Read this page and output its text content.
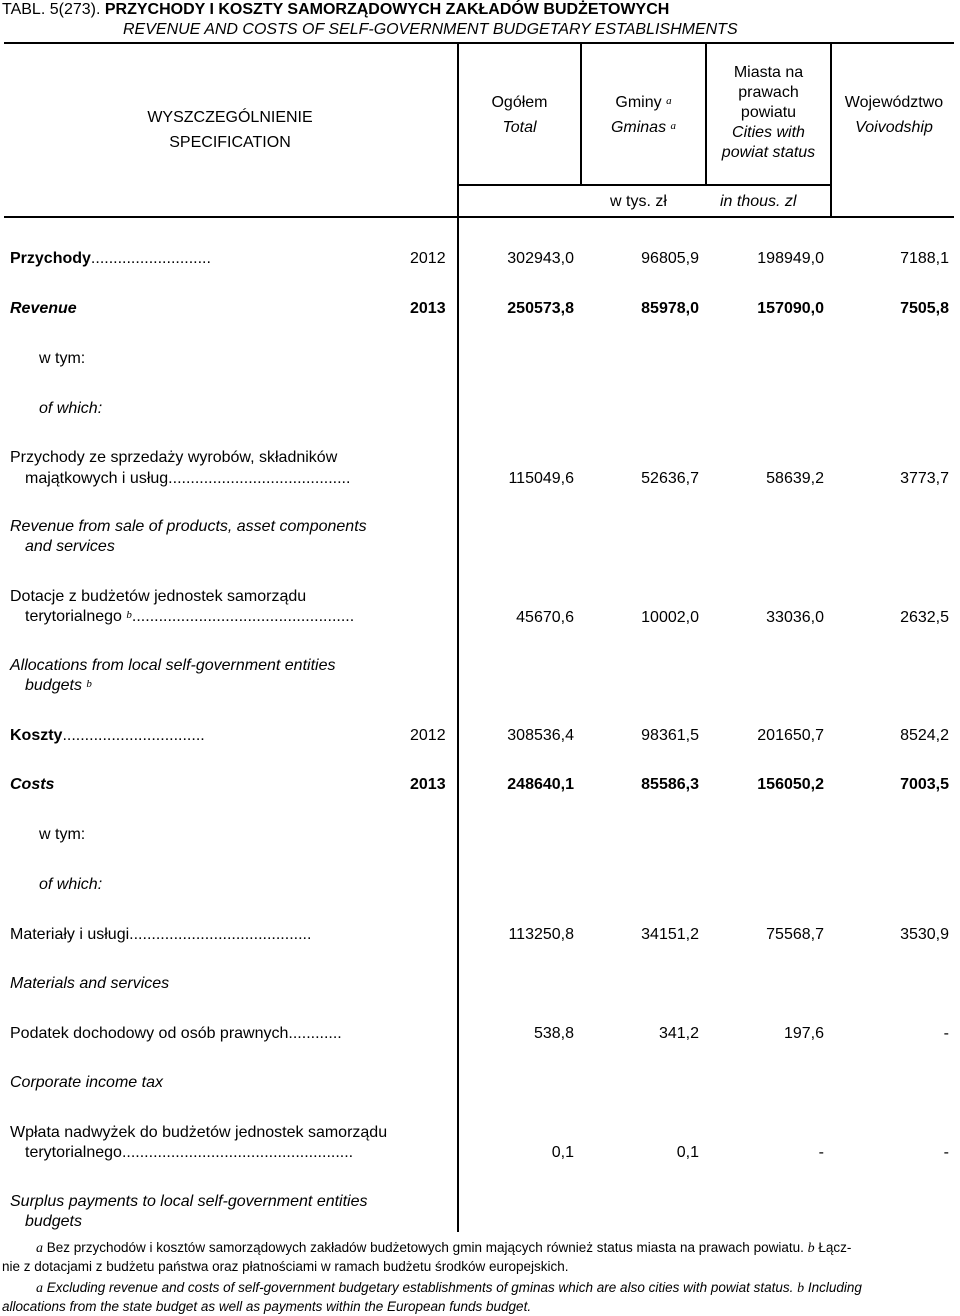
TABL. 5(273). PRZYCHODY I KOSZTY SAMORZĄDOWYCH ZAKŁADÓW BUDŻETOWYCH
REVENUE AND COSTS OF SELF-GOVERNMENT BUDGETARY ESTABLISHMENTS
WYSZCZEGÓLNIENIE
SPECIFICATION
Ogółem
Total
Gminy $^a$
Gminas $^a$
Miasta na
prawach
powiatu
Cities with
powiat status
Województwo
Voivodship
w tys. zł	in thous. zl
Przychody...........................	2012	302943,0	96805,9	198949,0	7188,1
Revenue	2013	250573,8	85978,0	157090,0	7505,8
w tym:
of which:
Przychody ze sprzedaży wyrobów, składników
majątkowych i usług.........................................	115049,6	52636,7	58639,2	3773,7
Revenue from sale of products, asset components
and services
Dotacje z budżetów jednostek samorządu
terytorialnego $^b$..................................................	45670,6	10002,0	33036,0	2632,5
Allocations from local self-government entities
budgets $^b$
Koszty................................	2012	308536,4	98361,5	201650,7	8524,2
Costs	2013	248640,1	85586,3	156050,2	7003,5
w tym:
of which:
Materiały i usługi.........................................	113250,8	34151,2	75568,7	3530,9
Materials and services
Podatek dochodowy od osób prawnych............	538,8	341,2	197,6	-
Corporate income tax
Wpłata nadwyżek do budżetów jednostek samorządu
terytorialnego....................................................	0,1	0,1	-	-
Surplus payments to local self-government entities
budgets
a Bez przychodów i kosztów samorządowych zakładów budżetowych gmin mających również status miasta na prawach powiatu. b Łącz-
nie z dotacjami z budżetu państwa oraz płatnościami w ramach budżetu środków europejskich.
a Excluding revenue and costs of self-government budgetary establishments of gminas which are also cities with powiat status. b Including
allocations from the state budget as well as payments within the European funds budget.
